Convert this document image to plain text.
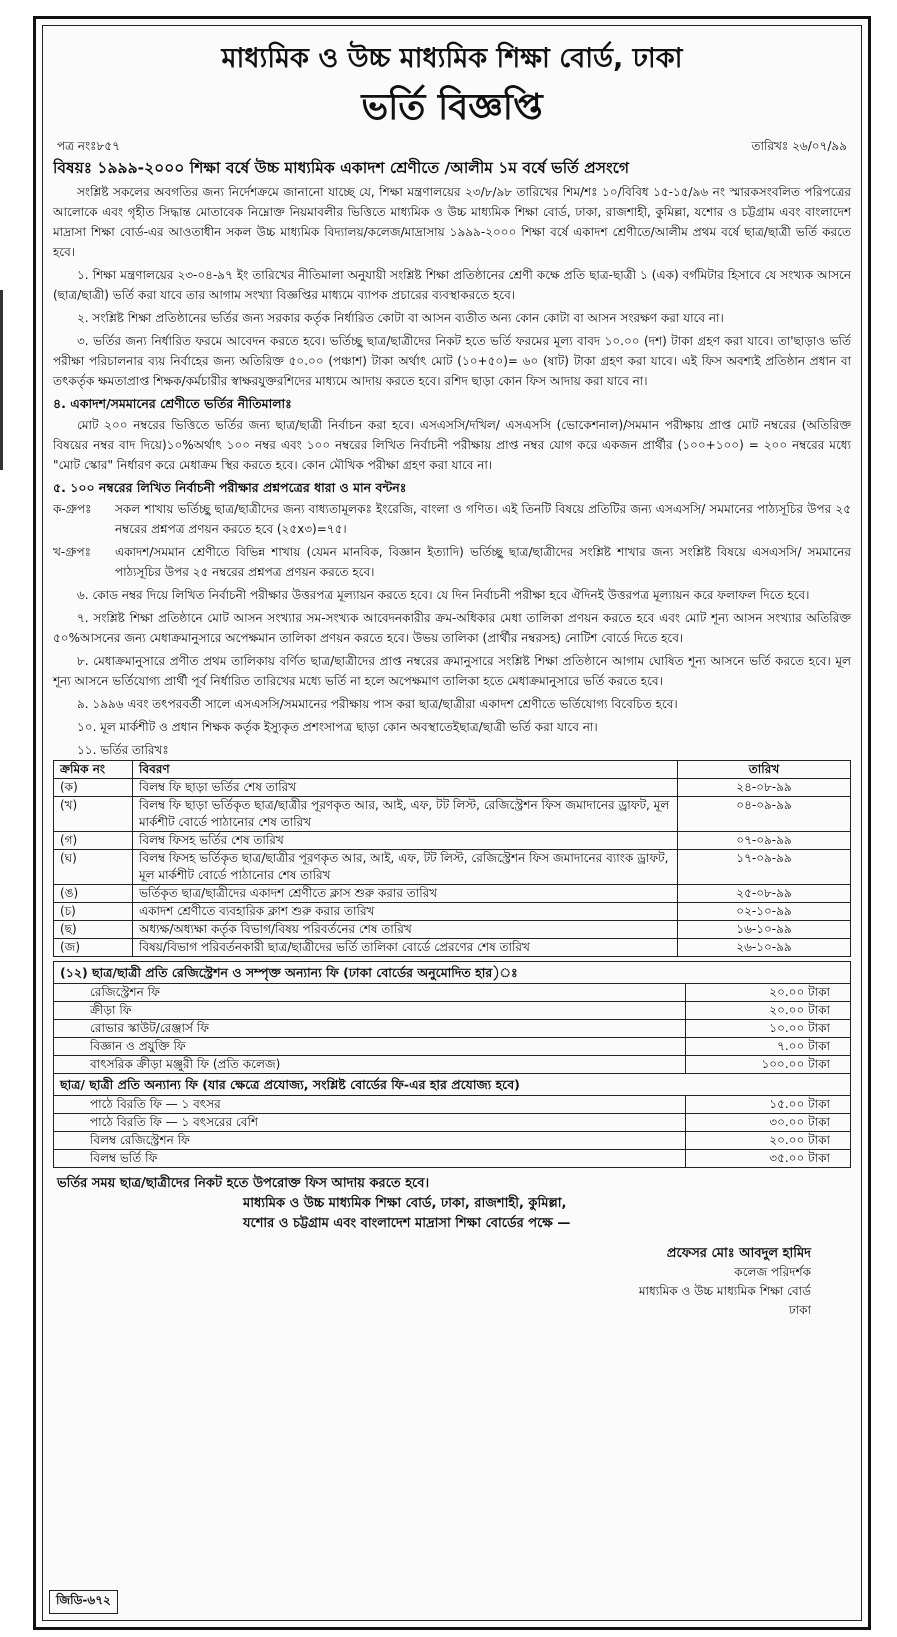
মাধ্যমিক ও উচ্চ মাধ্যমিক শিক্ষা বোর্ড, ঢাকা
ভর্তি বিজ্ঞপ্তি
পত্র নংঃ৮৫৭	তারিখঃ ২৬/০৭/৯৯
বিষয়ঃ ১৯৯৯-২০০০ শিক্ষা বর্ষে উচ্চ মাধ্যমিক একাদশ শ্রেণীতে /আলীম ১ম বর্ষে ভর্তি প্রসংগে

সংশ্লিষ্ট সকলের অবগতির জন্য নির্দেশক্রমে জানানো যাচ্ছে যে, শিক্ষা মন্ত্রণালয়ের ২৩/৮/৯৮ তারিখের শিম/শঃ ১০/বিবিধ ১৫-১৫/৯৬ নং স্মারকসংবলিত পরিপত্রের আলোকে এবং গৃহীত সিদ্ধান্ত মোতাবেক নিম্নোক্ত নিয়মাবলীর ভিত্তিতে মাধ্যমিক ও উচ্চ মাধ্যমিক শিক্ষা বোর্ড, ঢাকা, রাজশাহী, কুমিল্লা, যশোর ও চট্টগ্রাম এবং বাংলাদেশ মাদ্রাসা শিক্ষা বোর্ড-এর আওতাধীন সকল উচ্চ মাধ্যমিক বিদ্যালয়/কলেজ/মাদ্রাসায় ১৯৯৯-২০০০ শিক্ষা বর্ষে একাদশ শ্রেণীতে/আলীম প্রথম বর্ষে ছাত্র/ছাত্রী ভর্তি করতে হবে।

১. শিক্ষা মন্ত্রণালয়ের ২৩-০৪-৯৭ ইং তারিখের নীতিমালা অনুযায়ী সংশ্লিষ্ট শিক্ষা প্রতিষ্ঠানের শ্রেণী কক্ষে প্রতি ছাত্র-ছাত্রী ১ (এক) বর্গমিটার হিসাবে যে সংখ্যক আসনে (ছাত্র/ছাত্রী) ভর্তি করা যাবে তার আগাম সংখ্যা বিজ্ঞপ্তির মাধ্যমে ব্যাপক প্রচারের ব্যবস্থাকরতে হবে।

২. সংশ্লিষ্ট শিক্ষা প্রতিষ্ঠানের ভর্তির জন্য সরকার কর্তৃক নির্ধারিত কোটা বা আসন ব্যতীত অন্য কোন কোটা বা আসন সংরক্ষণ করা যাবে না।

৩. ভর্তির জন্য নির্ধারিত ফরমে আবেদন করতে হবে। ভর্তিচ্ছু ছাত্র/ছাত্রীদের নিকট হতে ভর্তি ফরমের মূল্য বাবদ ১০.০০ (দশ) টাকা গ্রহণ করা যাবে। তা'ছাড়াও ভর্তি পরীক্ষা পরিচালনার ব্যয় নির্বাহের জন্য অতিরিক্ত ৫০.০০ (পঞ্চাশ) টাকা অর্থাৎ মোট (১০+৫০)= ৬০ (ষাট) টাকা গ্রহণ করা যাবে। এই ফিস অবশ্যই প্রতিষ্ঠান প্রধান বা তৎকর্তৃক ক্ষমতাপ্রাপ্ত শিক্ষক/কর্মচারীর স্বাক্ষরযুক্তরশিদের মাধ্যমে আদায় করতে হবে। রশিদ ছাড়া কোন ফিস আদায় করা যাবে না।

৪. একাদশ/সমমানের শ্রেণীতে ভর্তির নীতিমালাঃ

মোট ২০০ নম্বরের ভিত্তিতে ভর্তির জন্য ছাত্র/ছাত্রী নির্বাচন করা হবে। এসএসসি/দখিল/ এসএসসি (ভোকেশনাল)/সমমান পরীক্ষায় প্রাপ্ত মোট নম্বরের (অতিরিক্ত বিষয়ের নম্বর বাদ দিয়ে)১০%অর্থাৎ ১০০ নম্বর এবং ১০০ নম্বরের লিখিত নির্বাচনী পরীক্ষায় প্রাপ্ত নম্বর যোগ করে একজন প্রার্থীর (১০০+১০০) = ২০০ নম্বরের মধ্যে "মোট স্কোর" নির্ধারণ করে মেধাক্রম স্থির করতে হবে। কোন মৌখিক পরীক্ষা গ্রহণ করা যাবে না।

৫. ১০০ নম্বরের লিখিত নির্বাচনী পরীক্ষার প্রশ্নপত্রের ধারা ও মান বন্টনঃ

ক-গ্রুপঃ	সকল শাখায় ভর্তিচ্ছু ছাত্র/ছাত্রীদের জন্য বাধ্যতামূলকঃ ইংরেজি, বাংলা ও গণিত। এই তিনটি বিষয়ে প্রতিটির জন্য এসএসসি/ সমমানের পাঠ্যসূচির উপর ২৫ নম্বরের প্রশ্নপত্র প্রণয়ন করতে হবে (২৫x৩)=৭৫।
খ-গ্রুপঃ	একাদশ/সমমান শ্রেণীতে বিভিন্ন শাখায় (যেমন মানবিক, বিজ্ঞান ইত্যাদি) ভর্তিচ্ছু ছাত্র/ছাত্রীদের সংশ্লিষ্ট শাখার জন্য সংশ্লিষ্ট বিষয়ে এসএসসি/ সমমানের পাঠ্যসূচির উপর ২৫ নম্বরের প্রশ্নপত্র প্রণয়ন করতে হবে।

৬. কোড নম্বর দিয়ে লিখিত নির্বাচনী পরীক্ষার উত্তরপত্র মূল্যায়ন করতে হবে। যে দিন নির্বাচনী পরীক্ষা হবে ঐদিনই উত্তরপত্র মূল্যায়ন করে ফলাফল দিতে হবে।

৭. সংশ্লিষ্ট শিক্ষা প্রতিষ্ঠানে মোট আসন সংখ্যার সম-সংখ্যক আবেদনকারীর ক্রম-অধিকার মেধা তালিকা প্রণয়ন করতে হবে এবং মোট শূন্য আসন সংখ্যার অতিরিক্ত ৫০%আসনের জন্য মেধাক্রমানুসারে অপেক্ষমান তালিকা প্রণয়ন করতে হবে। উভয় তালিকা (প্রার্থীর নম্বরসহ) নোটিশ বোর্ডে দিতে হবে।

৮. মেধাক্রমানুসারে প্রণীত প্রথম তালিকায় বর্ণিত ছাত্র/ছাত্রীদের প্রাপ্ত নম্বরের ক্রমানুসারে সংশ্লিষ্ট শিক্ষা প্রতিষ্ঠানে আগাম ঘোষিত শূন্য আসনে ভর্তি করতে হবে। মূল শূন্য আসনে ভর্তিযোগ্য প্রার্থী পূর্ব নির্ধারিত তারিখের মধ্যে ভর্তি না হলে অপেক্ষমাণ তালিকা হতে মেধাক্রমানুসারে ভর্তি করতে হবে।

৯. ১৯৯৬ এবং তৎপরবর্তী সালে এসএসসি/সমমানের পরীক্ষায় পাস করা ছাত্র/ছাত্রীরা একাদশ শ্রেণীতে ভর্তিযোগ্য বিবেচিত হবে।

১০. মূল মার্কশীট ও প্রধান শিক্ষক কর্তৃক ইস্যুকৃত প্রশংসাপত্র ছাড়া কোন অবস্থাতেইছাত্র/ছাত্রী ভর্তি করা যাবে না।

১১. ভর্তির তারিখঃ

ক্রমিক নং	বিবরণ	তারিখ
(ক)	বিলম্ব ফি ছাড়া ভর্তির শেষ তারিখ	২৪-০৮-৯৯
(খ)	বিলম্ব ফি ছাড়া ভর্তিকৃত ছাত্র/ছাত্রীর পূরণকৃত আর, আই, এফ, টট লিস্ট, রেজিস্ট্রেশন ফিস জমাদানের ড্রাফট, মূল মার্কশীট বোর্ডে পাঠানোর শেষ তারিখ	০৪-০৯-৯৯
(গ)	বিলম্ব ফিসহ ভর্তির শেষ তারিখ	০৭-০৯-৯৯
(ঘ)	বিলম্ব ফিসহ ভর্তিকৃত ছাত্র/ছাত্রীর পূরণকৃত আর, আই, এফ, টট লিস্ট, রেজিস্ট্রেশন ফিস জমাদানের ব্যাংক ড্রাফট, মূল মার্কশীট বোর্ডে পাঠানোর শেষ তারিখ	১৭-০৯-৯৯
(ঙ)	ভর্তিকৃত ছাত্র/ছাত্রীদের একাদশ শ্রেণীতে ক্লাস শুরু করার তারিখ	২৫-০৮-৯৯
(চ)	একাদশ শ্রেণীতে ব্যবহারিক ক্লাশ শুরু করার তারিখ	০২-১০-৯৯
(ছ)	অধ্যক্ষ/অধ্যক্ষা কর্তৃক বিভাগ/বিষয় পরিবর্তনের শেষ তারিখ	১৬-১০-৯৯
(জ)	বিষয়/বিভাগ পরিবর্তনকারী ছাত্র/ছাত্রীদের ভর্তি তালিকা বোর্ডে প্রেরণের শেষ তারিখ	২৬-১০-৯৯
(১২) ছাত্র/ছাত্রী প্রতি রেজিস্ট্রেশন ও সম্পৃক্ত অন্যান্য ফি (ঢাকা বোর্ডের অনুমোদিত হার)ঃ	
রেজিস্ট্রেশন ফি	২০.০০ টাকা
ক্রীড়া ফি	২০.০০ টাকা
রোভার স্কাউট/রেঞ্জার্স ফি	১০.০০ টাকা
বিজ্ঞান ও প্রযুক্তি ফি	৭.০০ টাকা
বাৎসরিক ক্রীড়া মঞ্জুরী ফি (প্রতি কলেজ)	১০০.০০ টাকা
ছাত্র/ ছাত্রী প্রতি অন্যান্য ফি (যার ক্ষেত্রে প্রযোজ্য, সংশ্লিষ্ট বোর্ডের ফি-এর হার প্রযোজ্য হবে)	
পাঠে বিরতি ফি — ১ বৎসর	১৫.০০ টাকা
পাঠে বিরতি ফি — ১ বৎসরের বেশি	৩০.০০ টাকা
বিলম্ব রেজিস্ট্রেশন ফি	২০.০০ টাকা
বিলম্ব ভর্তি ফি	৩৫.০০ টাকা
ভর্তির সময় ছাত্র/ছাত্রীদের নিকট হতে উপরোক্ত ফিস আদায় করতে হবে।
মাধ্যমিক ও উচ্চ মাধ্যমিক শিক্ষা বোর্ড, ঢাকা, রাজশাহী, কুমিল্লা,
যশোর ও চট্টগ্রাম এবং বাংলাদেশ মাদ্রাসা শিক্ষা বোর্ডের পক্ষে —
প্রফেসর মোঃ আবদুল হামিদ
কলেজ পরিদর্শক
মাধ্যমিক ও উচ্চ মাধ্যমিক শিক্ষা বোর্ড
ঢাকা
জিডি-৬৭২
